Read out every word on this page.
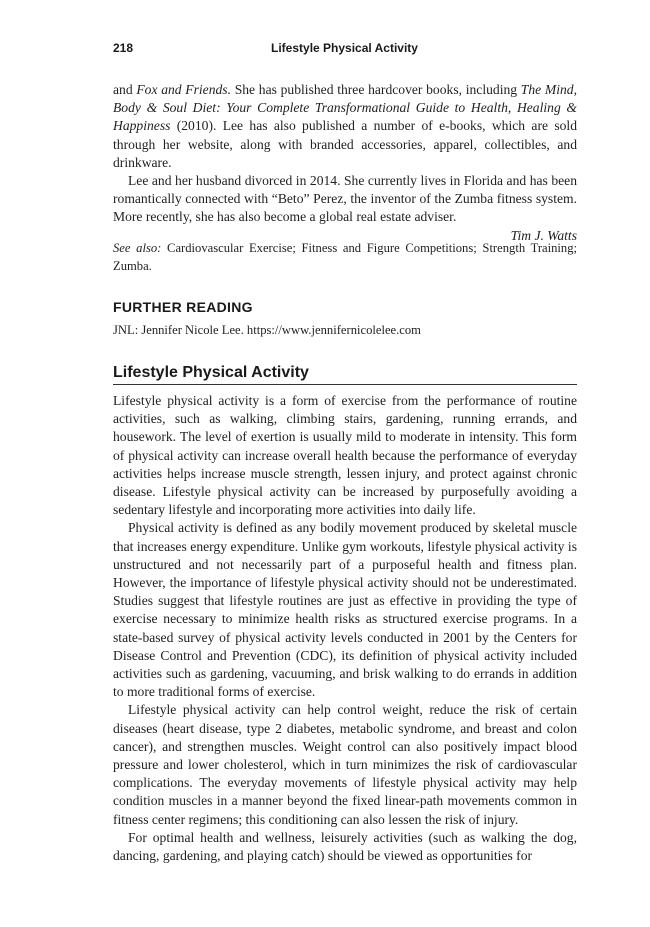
218	Lifestyle Physical Activity

and Fox and Friends. She has published three hardcover books, including The Mind, Body & Soul Diet: Your Complete Transformational Guide to Health, Healing & Happiness (2010). Lee has also published a number of e-books, which are sold through her website, along with branded accessories, apparel, collectibles, and drinkware.

Lee and her husband divorced in 2014. She currently lives in Florida and has been romantically connected with “Beto” Perez, the inventor of the Zumba fitness system. More recently, she has also become a global real estate adviser.

Tim J. Watts

See also: Cardiovascular Exercise; Fitness and Figure Competitions; Strength Training; Zumba.

FURTHER READING
JNL: Jennifer Nicole Lee. https://www.jennifernicolelee.com
Lifestyle Physical Activity

Lifestyle physical activity is a form of exercise from the performance of routine activities, such as walking, climbing stairs, gardening, running errands, and housework. The level of exertion is usually mild to moderate in intensity. This form of physical activity can increase overall health because the performance of everyday activities helps increase muscle strength, lessen injury, and protect against chronic disease. Lifestyle physical activity can be increased by purposefully avoiding a sedentary lifestyle and incorporating more activities into daily life.

Physical activity is defined as any bodily movement produced by skeletal muscle that increases energy expenditure. Unlike gym workouts, lifestyle physical activity is unstructured and not necessarily part of a purposeful health and fitness plan. However, the importance of lifestyle physical activity should not be underestimated. Studies suggest that lifestyle routines are just as effective in providing the type of exercise necessary to minimize health risks as structured exercise programs. In a state-based survey of physical activity levels conducted in 2001 by the Centers for Disease Control and Prevention (CDC), its definition of physical activity included activities such as gardening, vacuuming, and brisk walking to do errands in addition to more traditional forms of exercise.

Lifestyle physical activity can help control weight, reduce the risk of certain diseases (heart disease, type 2 diabetes, metabolic syndrome, and breast and colon cancer), and strengthen muscles. Weight control can also positively impact blood pressure and lower cholesterol, which in turn minimizes the risk of cardiovascular complications. The everyday movements of lifestyle physical activity may help condition muscles in a manner beyond the fixed linear-path movements common in fitness center regimens; this conditioning can also lessen the risk of injury.

For optimal health and wellness, leisurely activities (such as walking the dog, dancing, gardening, and playing catch) should be viewed as opportunities for
